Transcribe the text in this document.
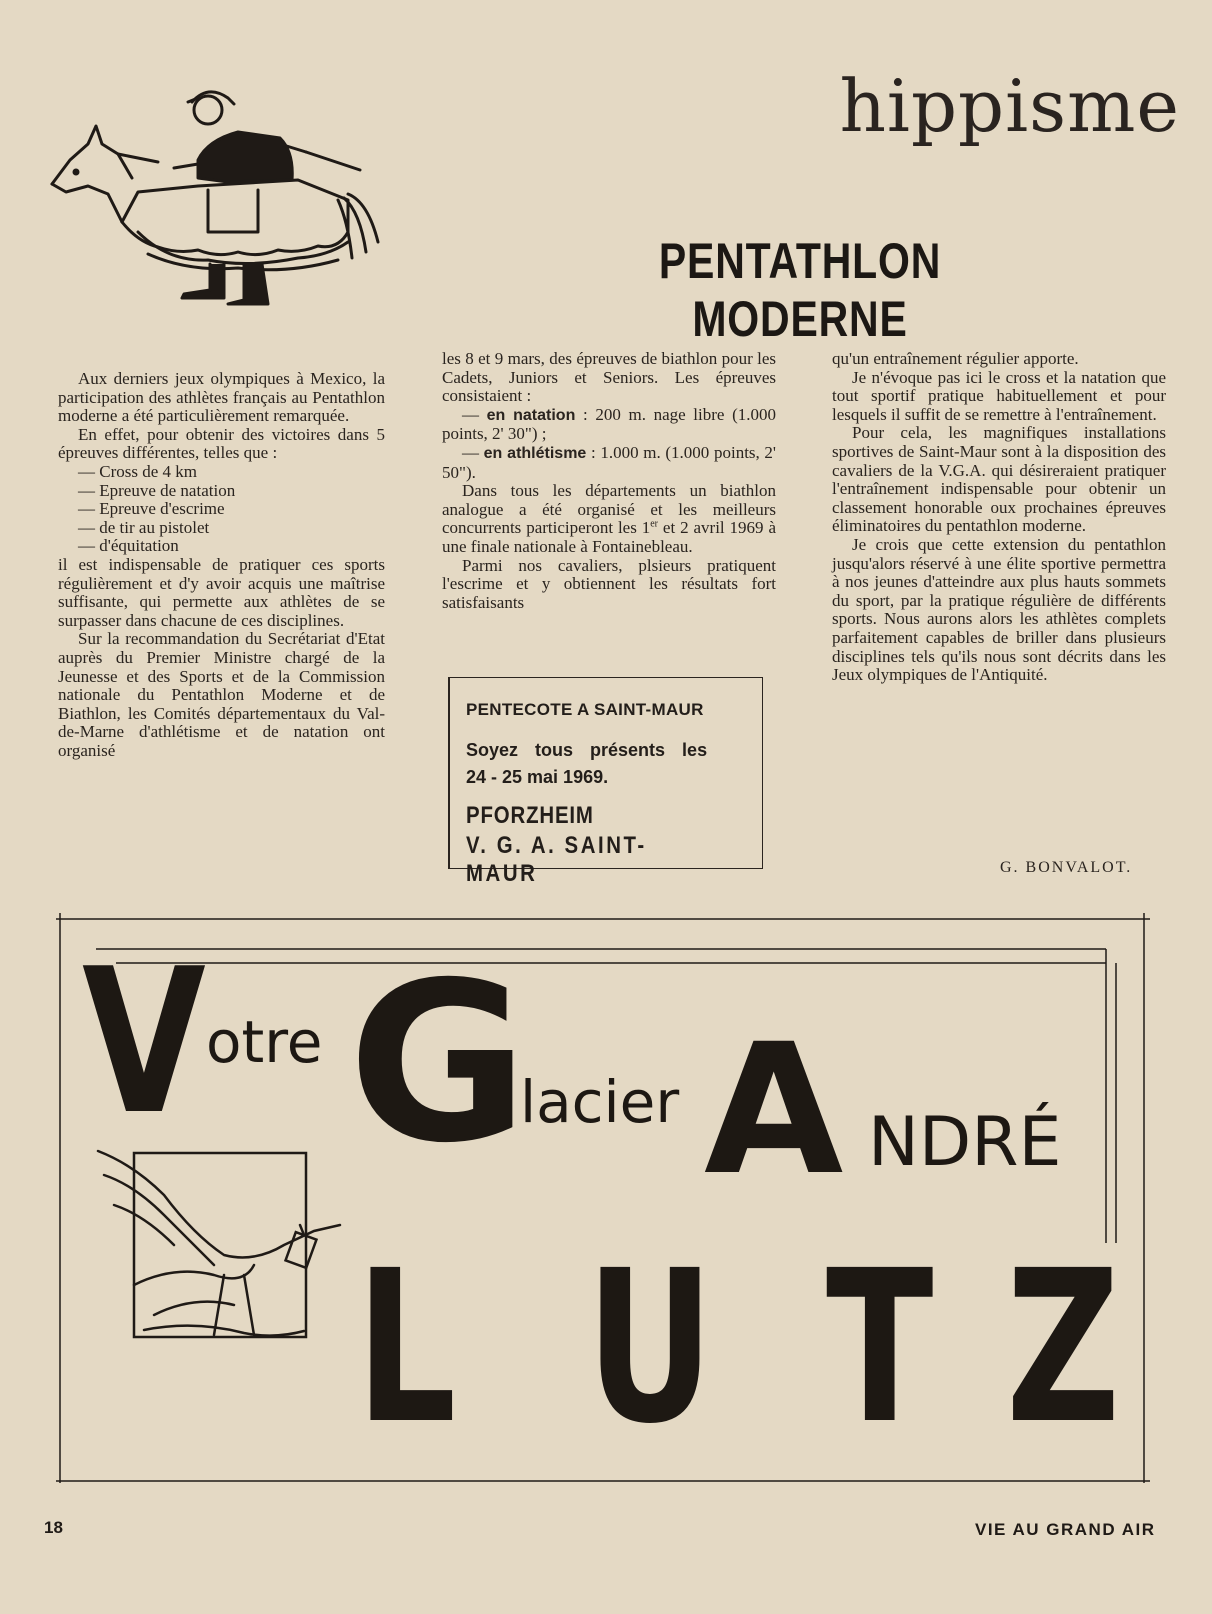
hippisme
PENTATHLON MODERNE

Aux derniers jeux olympiques à Mexico, la participation des athlètes français au Pentathlon moderne a été particulièrement remarquée.

En effet, pour obtenir des victoires dans 5 épreuves différentes, telles que :

— Cross de 4 km

— Epreuve de natation

— Epreuve d'escrime

— de tir au pistolet

— d'équitation

il est indispensable de pratiquer ces sports régulièrement et d'y avoir acquis une maîtrise suffisante, qui permette aux athlètes de se surpasser dans chacune de ces disciplines.

Sur la recommandation du Secrétariat d'Etat auprès du Premier Ministre chargé de la Jeunesse et des Sports et de la Commission nationale du Pentathlon Moderne et de Biathlon, les Comités départementaux du Val-de-Marne d'athlétisme et de natation ont organisé

les 8 et 9 mars, des épreuves de biathlon pour les Cadets, Juniors et Seniors. Les épreuves consistaient :

— en natation : 200 m. nage libre (1.000 points, 2' 30") ;

— en athlétisme : 1.000 m. (1.000 points, 2' 50").

Dans tous les départements un biathlon analogue a été organisé et les meilleurs concurrents participeront les 1er et 2 avril 1969 à une finale nationale à Fontainebleau.

Parmi nos cavaliers, plsieurs pratiquent l'escrime et y obtiennent les résultats fort satisfaisants

PENTECOTE A SAINT-MAUR
Soyez tous présents les
24 - 25 mai 1969.
PFORZHEIM
V. G. A. SAINT-MAUR

qu'un entraînement régulier apporte.

Je n'évoque pas ici le cross et la natation que tout sportif pratique habituellement et pour lesquels il suffit de se remettre à l'entraînement.

Pour cela, les magnifiques installations sportives de Saint-Maur sont à la disposition des cavaliers de la V.G.A. qui désireraient pratiquer l'entraînement indispensable pour obtenir un classement honorable oux prochaines épreuves éliminatoires du pentathlon moderne.

Je crois que cette extension du pentathlon jusqu'alors réservé à une élite sportive permettra à nos jeunes d'atteindre aux plus hauts sommets du sport, par la pratique régulière de différents sports. Nous aurons alors les athlètes complets parfaitement capables de briller dans plusieurs disciplines tels qu'ils nous sont décrits dans les Jeux olympiques de l'Antiquité.

G. BONVALOT.
V otre G
lacier A NDRÉ
L U T Z
18	VIE AU GRAND AIR
